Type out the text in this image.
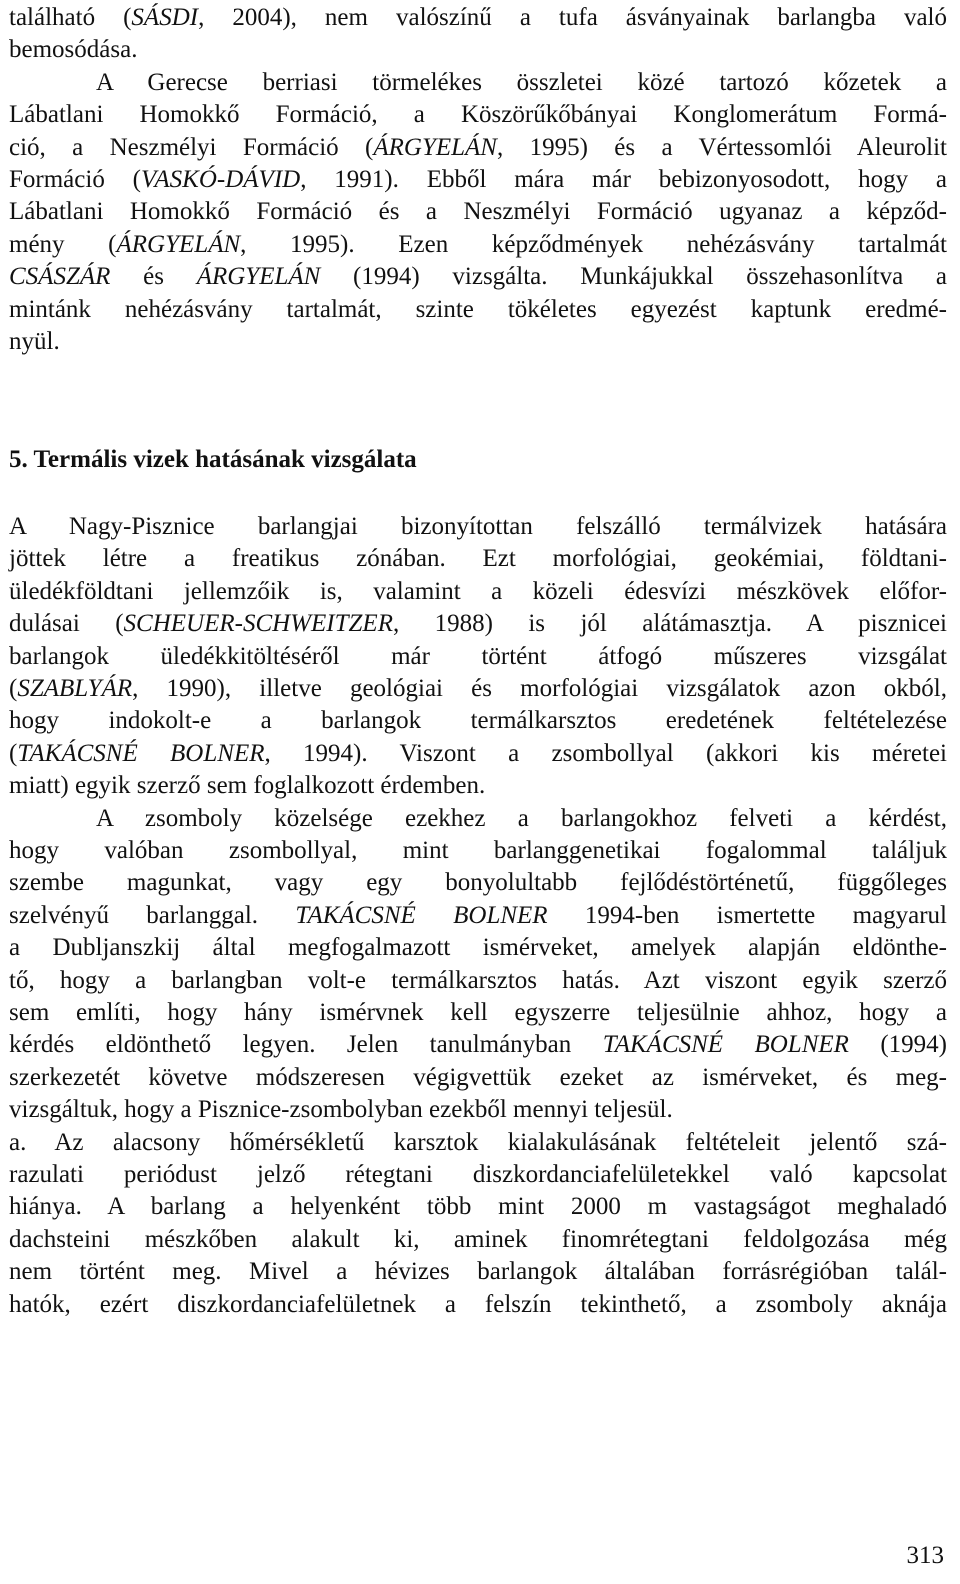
található (SÁSDI, 2004), nem valószínű a tufa ásványainak barlangba való
bemosódása.
A Gerecse berriasi törmelékes összletei közé tartozó kőzetek a
Lábatlani Homokkő Formáció, a Köszörűkőbányai Konglomerátum Formá-
ció, a Neszmélyi Formáció (ÁRGYELÁN, 1995) és a Vértessomlói Aleurolit
Formáció (VASKÓ-DÁVID, 1991). Ebből mára már bebizonyosodott, hogy a
Lábatlani Homokkő Formáció és a Neszmélyi Formáció ugyanaz a képződ-
mény (ÁRGYELÁN, 1995). Ezen képződmények nehézásvány tartalmát
CSÁSZÁR és ÁRGYELÁN (1994) vizsgálta. Munkájukkal összehasonlítva a
mintánk nehézásvány tartalmát, szinte tökéletes egyezést kaptunk eredmé-
nyül.
5. Termális vizek hatásának vizsgálata
A Nagy-Pisznice barlangjai bizonyítottan felszálló termálvizek hatására
jöttek létre a freatikus zónában. Ezt morfológiai, geokémiai, földtani-
üledékföldtani jellemzőik is, valamint a közeli édesvízi mészkövek előfor-
dulásai (SCHEUER-SCHWEITZER, 1988) is jól alátámasztja. A pisznicei
barlangok üledékkitöltéséről már történt átfogó műszeres vizsgálat
(SZABLYÁR, 1990), illetve geológiai és morfológiai vizsgálatok azon okból,
hogy indokolt-e a barlangok termálkarsztos eredetének feltételezése
(TAKÁCSNÉ BOLNER, 1994). Viszont a zsombollyal (akkori kis méretei
miatt) egyik szerző sem foglalkozott érdemben.
A zsomboly közelsége ezekhez a barlangokhoz felveti a kérdést,
hogy valóban zsombollyal, mint barlanggenetikai fogalommal találjuk
szembe magunkat, vagy egy bonyolultabb fejlődéstörténetű, függőleges
szelvényű barlanggal. TAKÁCSNÉ BOLNER 1994-ben ismertette magyarul
a Dubljanszkij által megfogalmazott ismérveket, amelyek alapján eldönthe-
tő, hogy a barlangban volt-e termálkarsztos hatás. Azt viszont egyik szerző
sem említi, hogy hány ismérvnek kell egyszerre teljesülnie ahhoz, hogy a
kérdés eldönthető legyen. Jelen tanulmányban TAKÁCSNÉ BOLNER (1994)
szerkezetét követve módszeresen végigvettük ezeket az ismérveket, és meg-
vizsgáltuk, hogy a Pisznice-zsombolyban ezekből mennyi teljesül.
a. Az alacsony hőmérsékletű karsztok kialakulásának feltételeit jelentő szá-
razulati periódust jelző rétegtani diszkordanciafelületekkel való kapcsolat
hiánya. A barlang a helyenként több mint 2000 m vastagságot meghaladó
dachsteini mészkőben alakult ki, aminek finomrétegtani feldolgozása még
nem történt meg. Mivel a hévizes barlangok általában forrásrégióban talál-
hatók, ezért diszkordanciafelületnek a felszín tekinthető, a zsomboly aknája
313
